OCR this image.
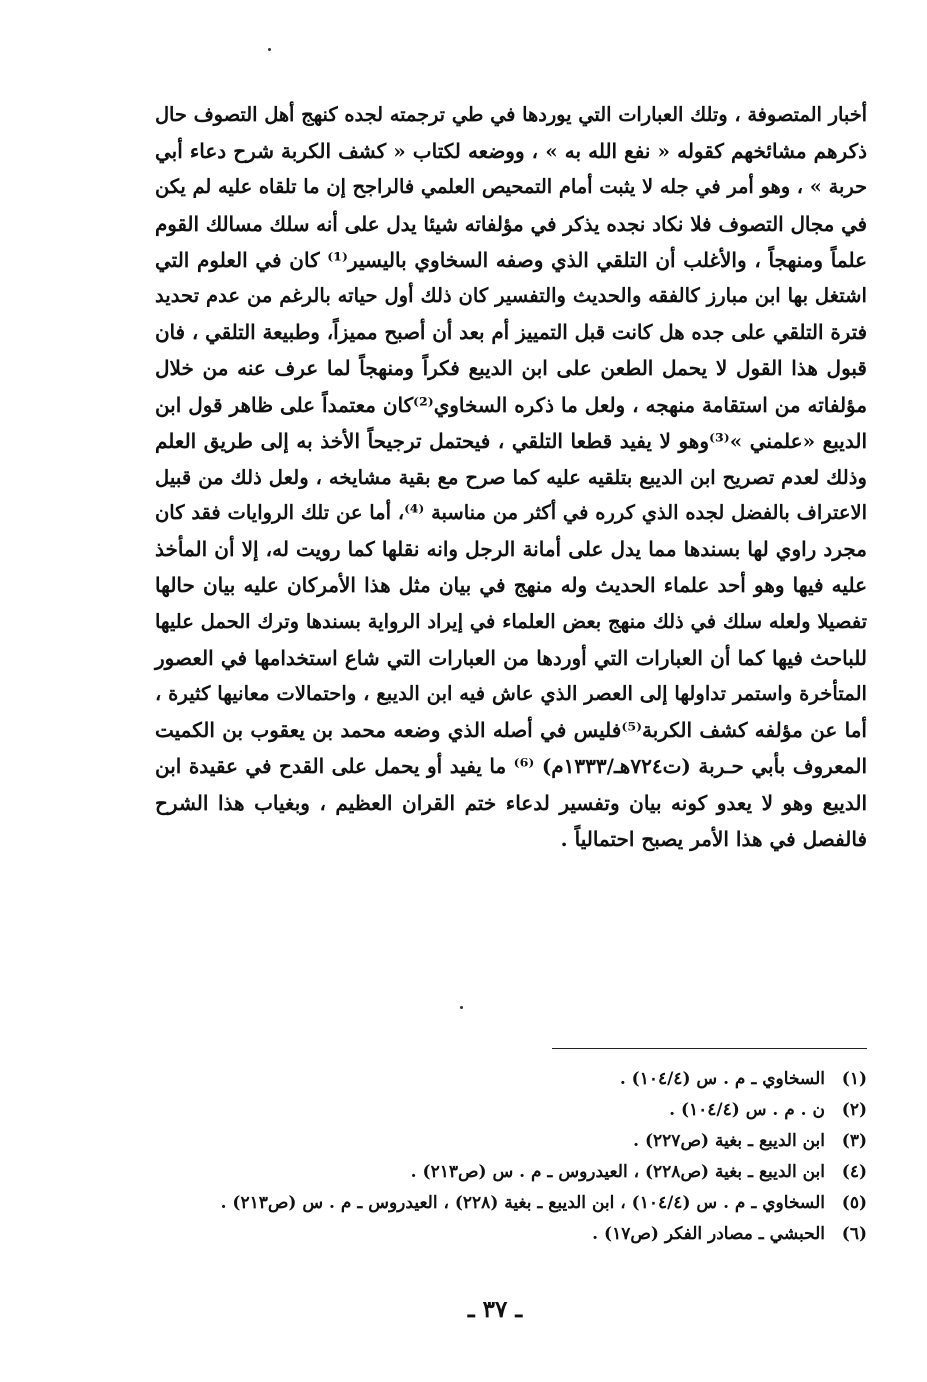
أخبار المتصوفة ، وتلك العبارات التي يوردها في طي ترجمته لجده كنهج أهل التصوف حال
ذكرهم مشائخهم كقوله « نفع الله به » ، ووضعه لكتاب « كشف الكربة شرح دعاء أبي
حربة » ، وهو أمر في جله لا يثبت أمام التمحيص العلمي فالراجح إن ما تلقاه عليه لم يكن
في مجال التصوف فلا نكاد نجده يذكر في مؤلفاته شيئا يدل على أنه سلك مسالك القوم
علماً ومنهجاً ، والأغلب أن التلقي الذي وصفه السخاوي باليسير⁽¹⁾ كان في العلوم التي
اشتغل بها ابن مبارز كالفقه والحديث والتفسير كان ذلك أول حياته بالرغم من عدم تحديد
فترة التلقي على جده هل كانت قبل التمييز أم بعد أن أصبح مميزاً، وطبيعة التلقي ، فان
قبول هذا القول لا يحمل الطعن على ابن الديبع فكراً ومنهجاً لما عرف عنه من خلال
مؤلفاته من استقامة منهجه ، ولعل ما ذكره السخاوي⁽²⁾كان معتمداً على ظاهر قول ابن
الديبع «علمني »⁽³⁾وهو لا يفيد قطعا التلقي ، فيحتمل ترجيحاً الأخذ به إلى طريق العلم
وذلك لعدم تصريح ابن الديبع بتلقيه عليه كما صرح مع بقية مشايخه ، ولعل ذلك من قبيل
الاعتراف بالفضل لجده الذي كرره في أكثر من مناسبة ⁽⁴⁾، أما عن تلك الروايات فقد كان
مجرد راوي لها بسندها مما يدل على أمانة الرجل وانه نقلها كما رويت له، إلا أن المأخذ
عليه فيها وهو أحد علماء الحديث وله منهج في بيان مثل هذا الأمركان عليه بيان حالها
تفصيلا ولعله سلك في ذلك منهج بعض العلماء في إيراد الرواية بسندها وترك الحمل عليها
للباحث فيها كما أن العبارات التي أوردها من العبارات التي شاع استخدامها في العصور
المتأخرة واستمر تداولها إلى العصر الذي عاش فيه ابن الديبع ، واحتمالات معانيها كثيرة ،
أما عن مؤلفه كشف الكربة⁽⁵⁾فليس في أصله الذي وضعه محمد بن يعقوب بن الكميت
المعروف بأبي حـربة (ت٧٢٤هـ/١٣٣٣م) ⁽⁶⁾ ما يفيد أو يحمل على القدح في عقيدة ابن
الديبع وهو لا يعدو كونه بيان وتفسير لدعاء ختم القران العظيم ، وبغياب هذا الشرح
فالفصل في هذا الأمر يصبح احتمالياً .
(١)
السخاوي ـ م . س (١٠٤/٤) .
(٢)
ن . م . س (١٠٤/٤) .
(٣)
ابن الديبع ـ بغية (ص٢٢٧) .
(٤)
ابن الديبع ـ بغية (ص٢٢٨) ، العيدروس ـ م . س (ص٢١٣) .
(٥)
السخاوي ـ م . س (١٠٤/٤) ، ابن الديبع ـ بغية (٢٢٨) ، العيدروس ـ م . س (ص٢١٣) .
(٦)
الحبشي ـ مصادر الفكر (ص١٧) .
ـ ٣٧ ـ
